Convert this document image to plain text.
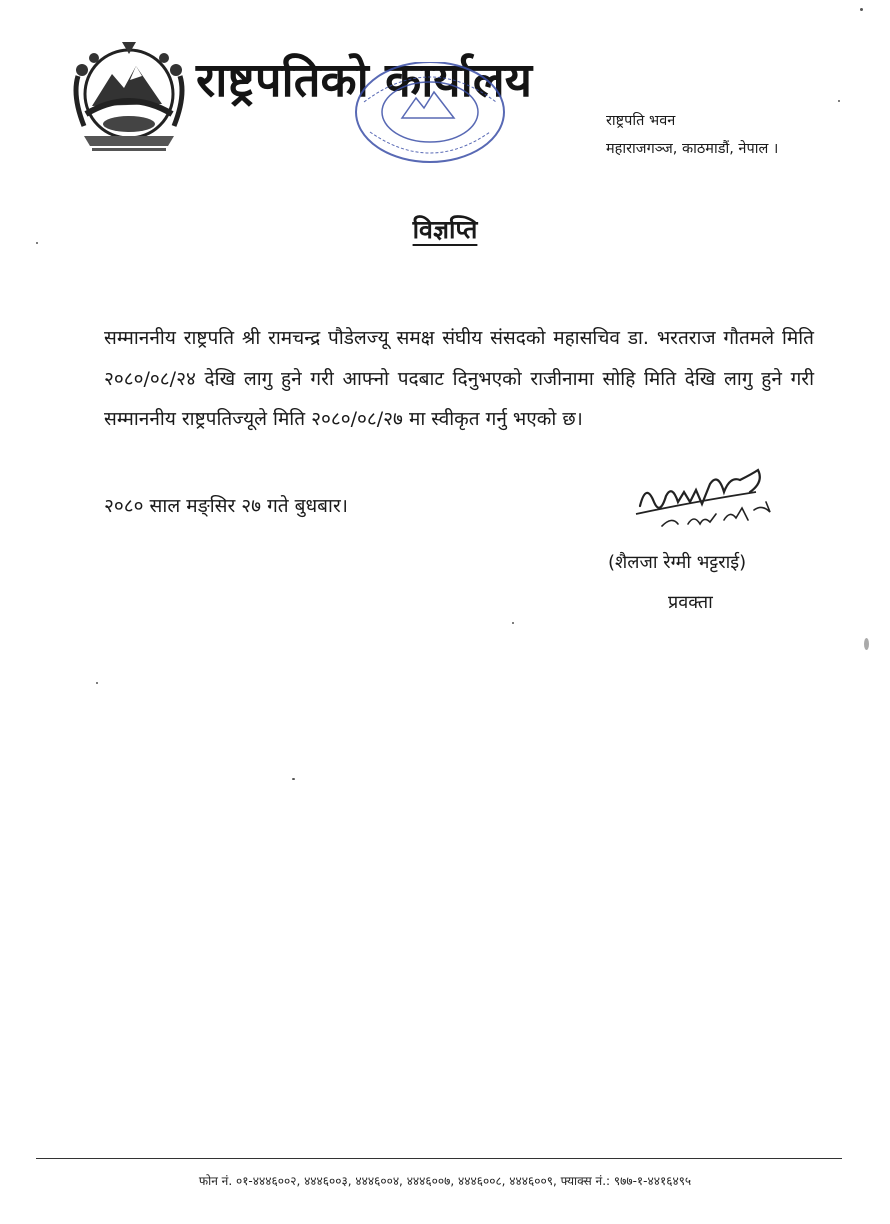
राष्ट्रपतिको कार्यालय
राष्ट्रपति भवन
महाराजगञ्ज, काठमाडौं, नेपाल ।
विज्ञप्ति

सम्माननीय राष्ट्रपति श्री रामचन्द्र पौडेलज्यू समक्ष संघीय संसदको महासचिव डा. भरतराज गौतमले मिति २०८०/०८/२४ देखि लागु हुने गरी आफ्नो पदबाट दिनुभएको राजीनामा सोहि मिति देखि लागु हुने गरी सम्माननीय राष्ट्रपतिज्यूले मिति २०८०/०८/२७ मा स्वीकृत गर्नु भएको छ।

२०८० साल मङ्सिर २७ गते बुधबार।
(शैलजा रेग्मी भट्टराई)
प्रवक्ता
फोन नं. ०१-४४४६००२, ४४४६००३, ४४४६००४, ४४४६००७, ४४४६००८, ४४४६००९, फ्याक्स नं.: ९७७-१-४४१६४९५
